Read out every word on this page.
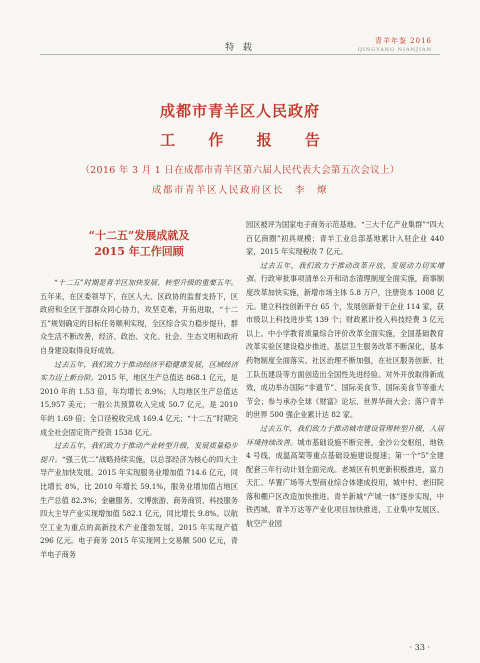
特 载
青羊年鉴 2016
QINGYANG NIANJIAN
成都市青羊区人民政府
工 作 报 告
（2016 年 3 月 1 日在成都市青羊区第六届人民代表大会第五次会议上）
成都市青羊区人民政府区长　李　燎
“十二五”发展成就及
2015 年工作回顾

“十二五”时期是青羊区加快发展、转型升级的重要五年。五年来，在区委领导下，在区人大、区政协的监督支持下，区政府和全区干部群众同心协力，攻坚克难，开拓进取，“十二五”规划确定的目标任务顺利实现，全区综合实力稳步提升，群众生活不断改善，经济、政治、文化、社会、生态文明和政府自身建设取得良好成效。

过去五年，我们致力于推动经济平稳健康发展，区域经济实力迈上新台阶。2015 年，地区生产总值达 868.1 亿元，是 2010 年的 1.53 倍，年均增长 8.9%；人均地区生产总值达 15,957 美元；一般公共预算收入完成 50.7 亿元，是 2010 年的 1.69 倍；全口径税收完成 169.4 亿元；“十二五”时期完成全社会固定资产投资 1538 亿元。

过去五年，我们致力于推动产业转型升级，发展质量稳步提升。“强三优二”战略持续实施，以总部经济为核心的四大主导产业加快发展。2015 年实现服务业增加值 714.6 亿元，同比增长 8%，比 2010 年增长 59.1%，服务业增加值占地区生产总值 82.3%；金融服务、文博旅游、商务商贸、科技服务四大主导产业实现增加值 582.1 亿元，同比增长 9.8%。以航空工业为重点的高新技术产业蓬勃发展，2015 年实现产值 296 亿元。电子商务 2015 年实现网上交易额 500 亿元，青羊电子商务

园区被评为国家电子商务示范基地。“三大千亿产业集群”“四大百亿商圈”初具规模；青羊工业总部基地累计入驻企业 440 家，2015 年实现税收 7 亿元。

过去五年，我们致力于推动改革开放，发展动力切实增强。行政审批事项清单公开和动态清理制度全面实施，商事制度改革加快实施，新增市场主体 5.8 万户，注册资本 1008 亿元。建立科技创新平台 65 个，发展创新骨干企业 114 家，获市级以上科技进步奖 139 个；财政累计投入科技经费 3 亿元以上。中小学教育质量综合评价改革全面实施，全国基础教育改革实验区建设稳步推进。基层卫生服务改革不断深化，基本药物制度全面落实。社区治理不断加强，在社区服务创新、社工队伍建设等方面创造出全国性先进经验。对外开放取得新成效，成功举办国际“非遗节”、国际美食节、国际美食节等重大节会；参与承办全球《财富》论坛、世界华商大会；落户青羊的世界 500 强企业累计达 82 家。

过去五年，我们致力于推动城市建设管理转型升级，人居环境持续改善。城市基础设施不断完善，金沙公交枢纽，地铁 4 号线、成温高架等重点基础设施建设提速；第一个“5”全建配套三年行动计划全面完成。老城区有机更新积极推进，富力天汇、华置广场等大型商业综合体建成投用，城中村、老旧院落和棚户区改造加快推进。青羊新城“产城一体”逐步实现，中铁西城、青羊万达等产业化项目加快推进，工业集中发展区、航空产业园

· 33 ·
